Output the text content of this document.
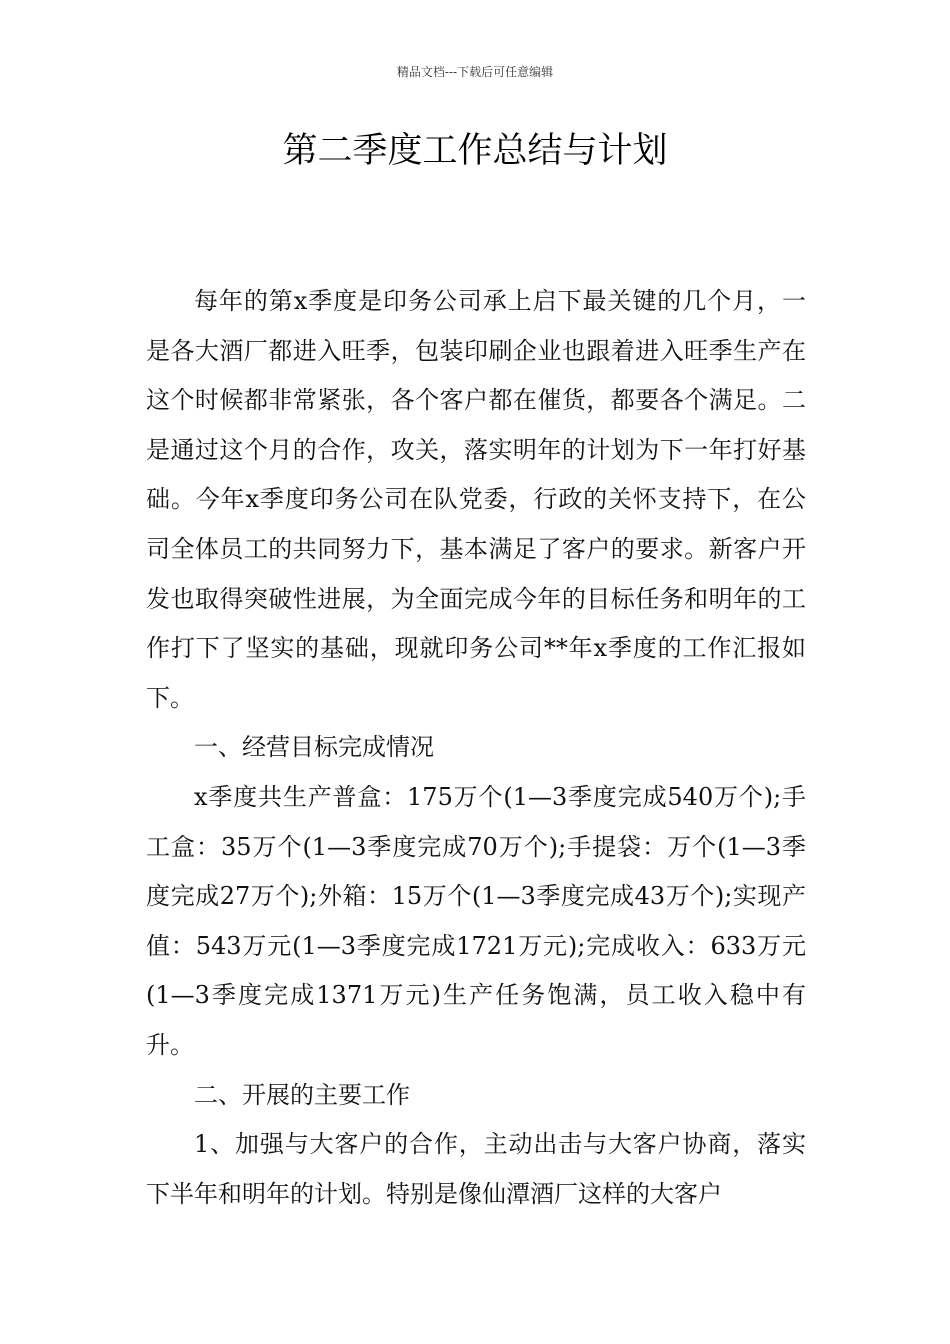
精品文档---下载后可任意编辑
第二季度工作总结与计划

每年的第x季度是印务公司承上启下最关键的几个月，一是各大酒厂都进入旺季，包装印刷企业也跟着进入旺季生产在这个时候都非常紧张，各个客户都在催货，都要各个满足。二是通过这个月的合作，攻关，落实明年的计划为下一年打好基础。今年x季度印务公司在队党委，行政的关怀支持下，在公司全体员工的共同努力下，基本满足了客户的要求。新客户开发也取得突破性进展，为全面完成今年的目标任务和明年的工作打下了坚实的基础，现就印务公司**年x季度的工作汇报如下。

一、经营目标完成情况

x季度共生产普盒：175万个(1—3季度完成540万个);手工盒：35万个(1—3季度完成70万个);手提袋：万个(1—3季度完成27万个);外箱：15万个(1—3季度完成43万个);实现产值：543万元(1—3季度完成1721万元);完成收入：633万元(1—3季度完成1371万元)生产任务饱满，员工收入稳中有升。

二、开展的主要工作

1、加强与大客户的合作，主动出击与大客户协商，落实下半年和明年的计划。特别是像仙潭酒厂这样的大客户
